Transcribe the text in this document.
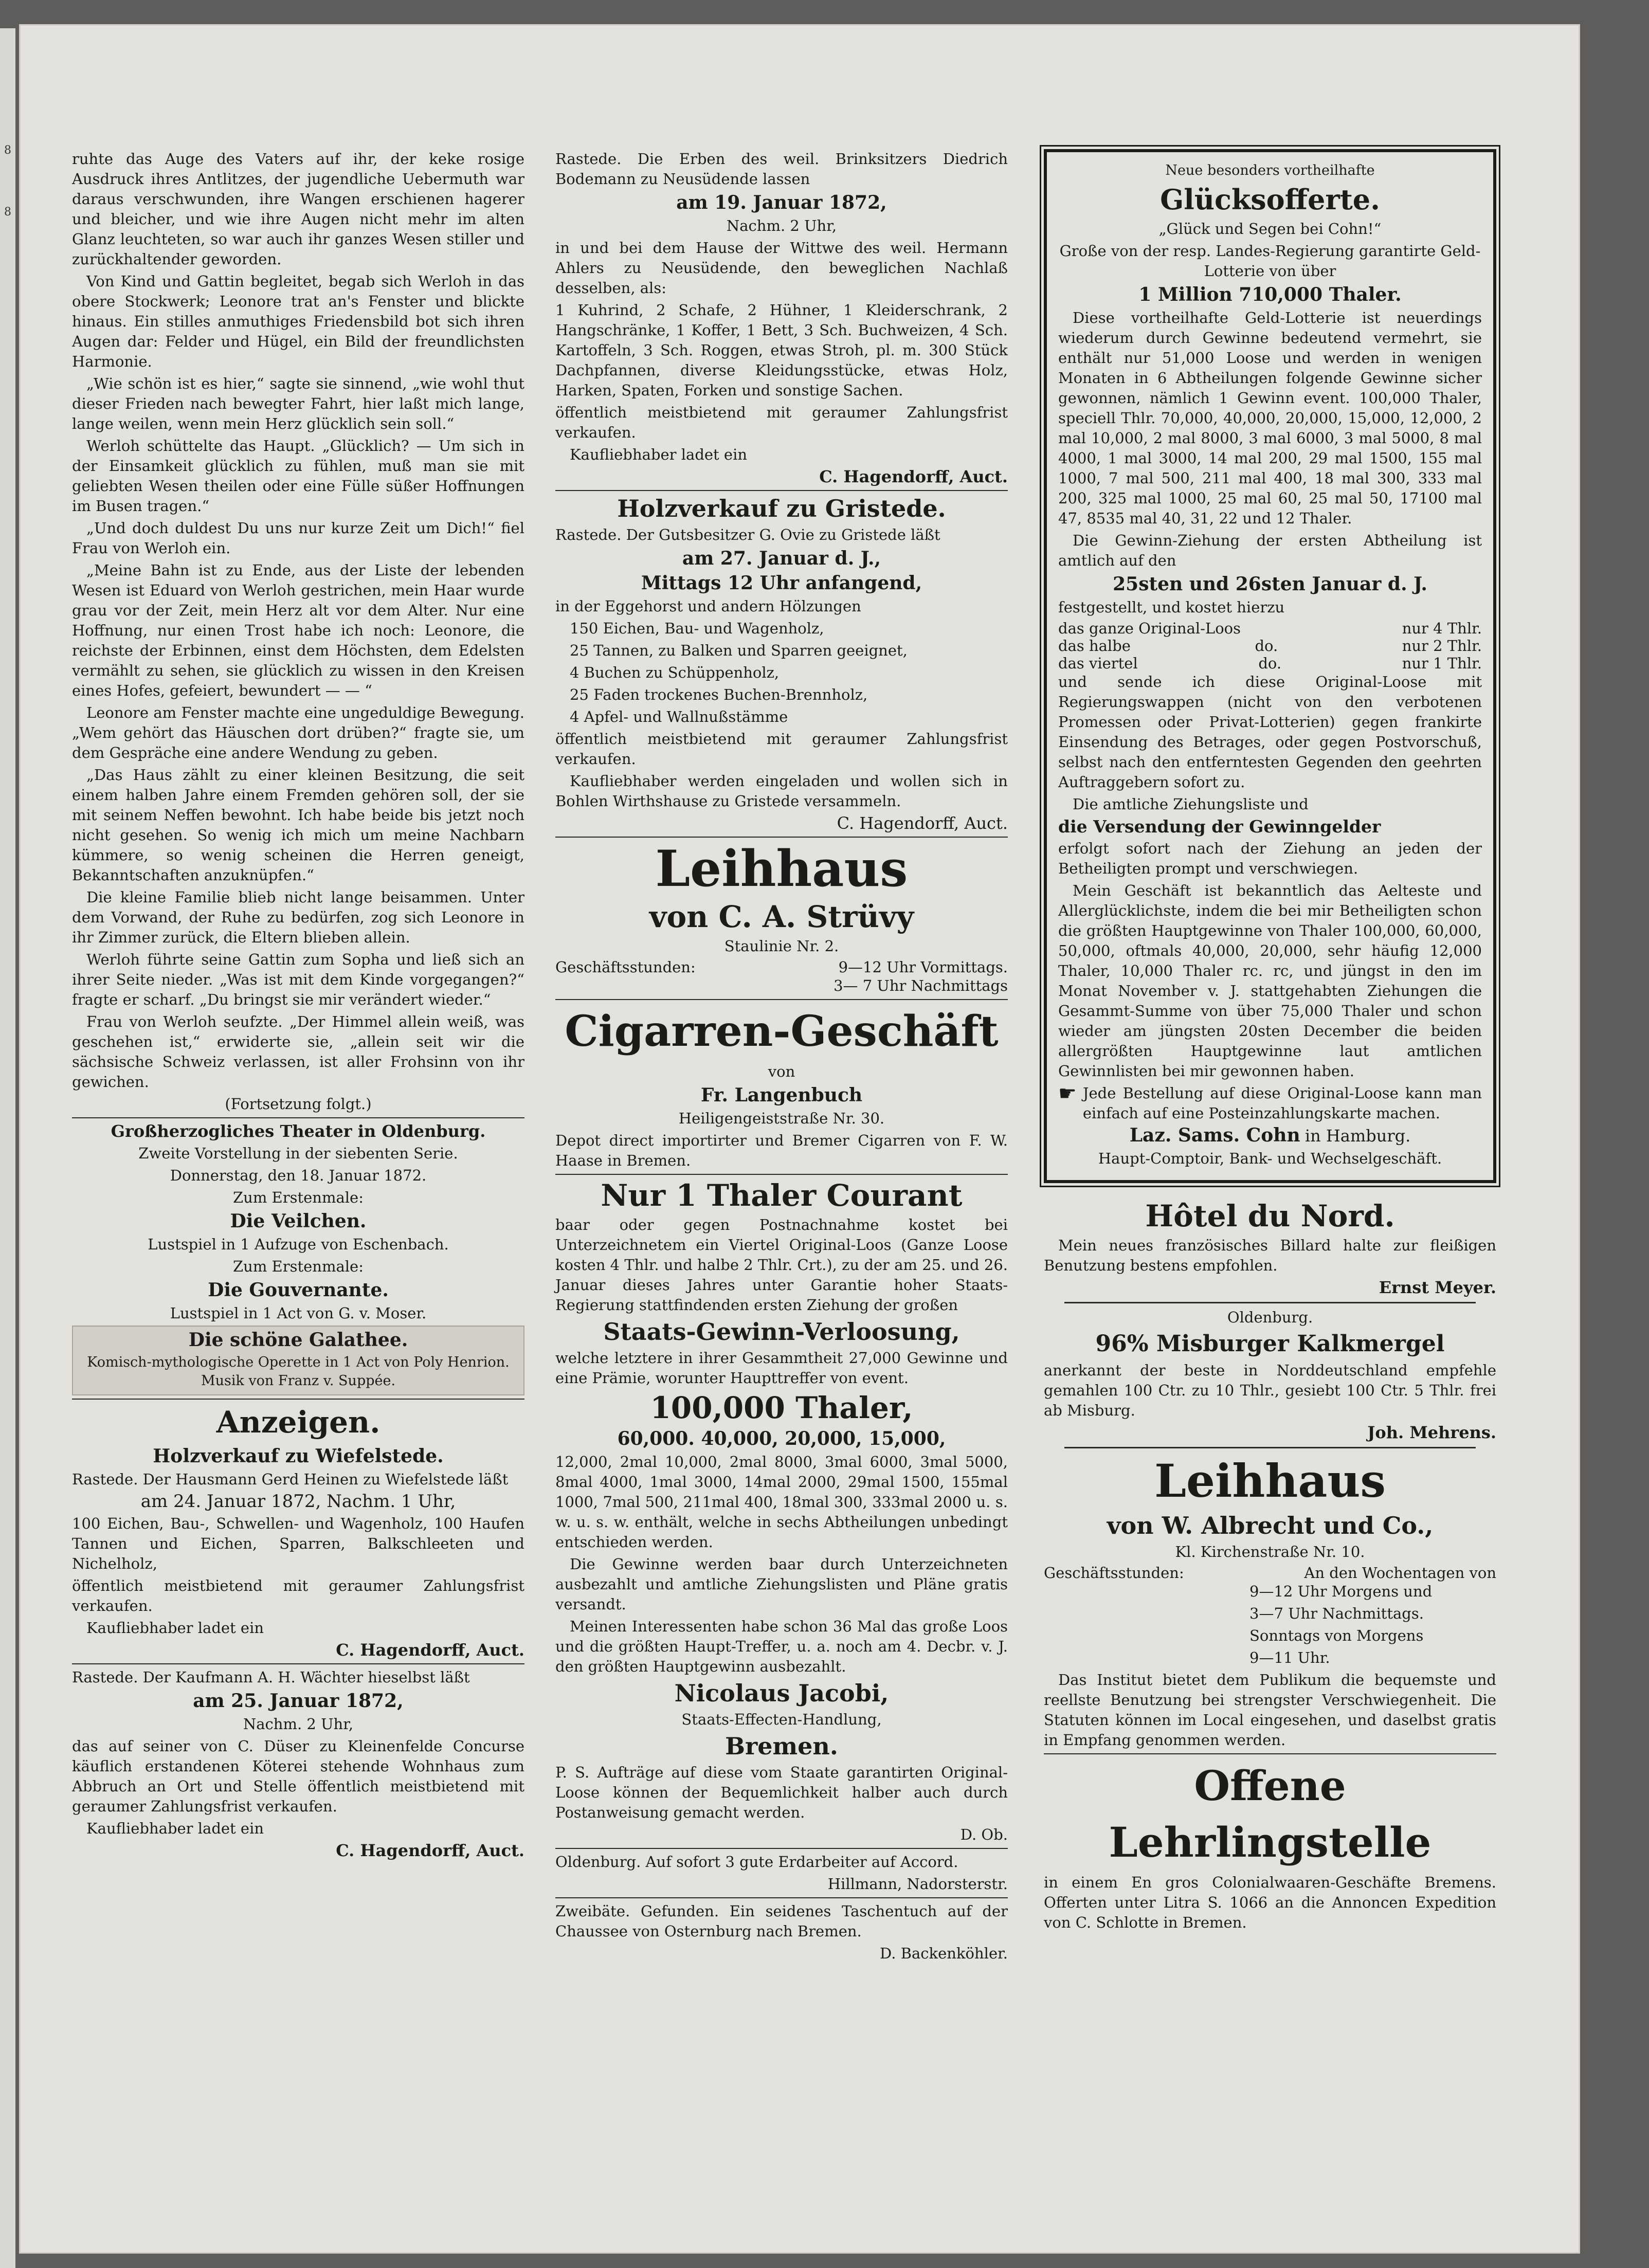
8
8

ruhte das Auge des Vaters auf ihr, der keke rosige Ausdruck ihres Antlitzes, der jugendliche Uebermuth war daraus verschwunden, ihre Wangen erschienen hagerer und bleicher, und wie ihre Augen nicht mehr im alten Glanz leuchteten, so war auch ihr ganzes Wesen stiller und zurückhaltender geworden.

Von Kind und Gattin begleitet, begab sich Werloh in das obere Stockwerk; Leonore trat an's Fenster und blickte hinaus. Ein stilles anmuthiges Friedensbild bot sich ihren Augen dar: Felder und Hügel, ein Bild der freundlichsten Harmonie.

„Wie schön ist es hier,“ sagte sie sinnend, „wie wohl thut dieser Frieden nach bewegter Fahrt, hier laßt mich lange, lange weilen, wenn mein Herz glücklich sein soll.“

Werloh schüttelte das Haupt. „Glücklich? — Um sich in der Einsamkeit glücklich zu fühlen, muß man sie mit geliebten Wesen theilen oder eine Fülle süßer Hoffnungen im Busen tragen.“

„Und doch duldest Du uns nur kurze Zeit um Dich!“ fiel Frau von Werloh ein.

„Meine Bahn ist zu Ende, aus der Liste der lebenden Wesen ist Eduard von Werloh gestrichen, mein Haar wurde grau vor der Zeit, mein Herz alt vor dem Alter. Nur eine Hoffnung, nur einen Trost habe ich noch: Leonore, die reichste der Erbinnen, einst dem Höchsten, dem Edelsten vermählt zu sehen, sie glücklich zu wissen in den Kreisen eines Hofes, gefeiert, bewundert — — “

Leonore am Fenster machte eine ungeduldige Bewegung. „Wem gehört das Häuschen dort drüben?“ fragte sie, um dem Gespräche eine andere Wendung zu geben.

„Das Haus zählt zu einer kleinen Besitzung, die seit einem halben Jahre einem Fremden gehören soll, der sie mit seinem Neffen bewohnt. Ich habe beide bis jetzt noch nicht gesehen. So wenig ich mich um meine Nachbarn kümmere, so wenig scheinen die Herren geneigt, Bekanntschaften anzuknüpfen.“

Die kleine Familie blieb nicht lange beisammen. Unter dem Vorwand, der Ruhe zu bedürfen, zog sich Leonore in ihr Zimmer zurück, die Eltern blieben allein.

Werloh führte seine Gattin zum Sopha und ließ sich an ihrer Seite nieder. „Was ist mit dem Kinde vorgegangen?“ fragte er scharf. „Du bringst sie mir verändert wieder.“

Frau von Werloh seufzte. „Der Himmel allein weiß, was geschehen ist,“ erwiderte sie, „allein seit wir die sächsische Schweiz verlassen, ist aller Frohsinn von ihr gewichen.

(Fortsetzung folgt.)

Großherzogliches Theater in Oldenburg.

Zweite Vorstellung in der siebenten Serie.

Donnerstag, den 18. Januar 1872.

Zum Erstenmale:

Die Veilchen.

Lustspiel in 1 Aufzuge von Eschenbach.

Zum Erstenmale:

Die Gouvernante.

Lustspiel in 1 Act von G. v. Moser.

Die schöne Galathee.

Komisch-mythologische Operette in 1 Act von Poly Henrion. Musik von Franz v. Suppée.

Anzeigen.

Holzverkauf zu Wiefelstede.

Rastede. Der Hausmann Gerd Heinen zu Wiefelstede läßt

am 24. Januar 1872, Nachm. 1 Uhr,

100 Eichen, Bau-, Schwellen- und Wagenholz, 100 Haufen Tannen und Eichen, Sparren, Balkschleeten und Nichelholz,

öffentlich meistbietend mit geraumer Zahlungsfrist verkaufen.

Kaufliebhaber ladet ein

C. Hagendorff, Auct.

Rastede. Der Kaufmann A. H. Wächter hieselbst läßt

am 25. Januar 1872,

Nachm. 2 Uhr,

das auf seiner von C. Düser zu Kleinenfelde Concurse käuflich erstandenen Köterei stehende Wohnhaus zum Abbruch an Ort und Stelle öffentlich meistbietend mit geraumer Zahlungsfrist verkaufen.

Kaufliebhaber ladet ein

C. Hagendorff, Auct.

Rastede. Die Erben des weil. Brinksitzers Diedrich Bodemann zu Neusüdende lassen

am 19. Januar 1872,

Nachm. 2 Uhr,

in und bei dem Hause der Wittwe des weil. Hermann Ahlers zu Neusüdende, den beweglichen Nachlaß desselben, als:

1 Kuhrind, 2 Schafe, 2 Hühner, 1 Kleiderschrank, 2 Hangschränke, 1 Koffer, 1 Bett, 3 Sch. Buchweizen, 4 Sch. Kartoffeln, 3 Sch. Roggen, etwas Stroh, pl. m. 300 Stück Dachpfannen, diverse Kleidungsstücke, etwas Holz, Harken, Spaten, Forken und sonstige Sachen.

öffentlich meistbietend mit geraumer Zahlungsfrist verkaufen.

Kaufliebhaber ladet ein

C. Hagendorff, Auct.

Holzverkauf zu Gristede.

Rastede. Der Gutsbesitzer G. Ovie zu Gristede läßt

am 27. Januar d. J.,

Mittags 12 Uhr anfangend,

in der Eggehorst und andern Hölzungen

150 Eichen, Bau- und Wagenholz,

25 Tannen, zu Balken und Sparren geeignet,

4 Buchen zu Schüppenholz,

25 Faden trockenes Buchen-Brennholz,

4 Apfel- und Wallnußstämme

öffentlich meistbietend mit geraumer Zahlungsfrist verkaufen.

Kaufliebhaber werden eingeladen und wollen sich in Bohlen Wirthshause zu Gristede versammeln.

C. Hagendorff, Auct.

Leihhaus

von C. A. Strüvy

Staulinie Nr. 2.

Geschäftsstunden:	9—12 Uhr Vormittags.

3— 7 Uhr Nachmittags

Cigarren-Geschäft

von

Fr. Langenbuch

Heiligengeiststraße Nr. 30.

Depot direct importirter und Bremer Cigarren von F. W. Haase in Bremen.

Nur 1 Thaler Courant

baar oder gegen Postnachnahme kostet bei Unterzeichnetem ein Viertel Original-Loos (Ganze Loose kosten 4 Thlr. und halbe 2 Thlr. Crt.), zu der am 25. und 26. Januar dieses Jahres unter Garantie hoher Staats-Regierung stattfindenden ersten Ziehung der großen

Staats-Gewinn-Verloosung,

welche letztere in ihrer Gesammtheit 27,000 Gewinne und eine Prämie, worunter Haupttreffer von event.

100,000 Thaler,

60,000. 40,000, 20,000, 15,000,

12,000, 2mal 10,000, 2mal 8000, 3mal 6000, 3mal 5000, 8mal 4000, 1mal 3000, 14mal 2000, 29mal 1500, 155mal 1000, 7mal 500, 211mal 400, 18mal 300, 333mal 2000 u. s. w. u. s. w. enthält, welche in sechs Abtheilungen unbedingt entschieden werden.

Die Gewinne werden baar durch Unterzeichneten ausbezahlt und amtliche Ziehungslisten und Pläne gratis versandt.

Meinen Interessenten habe schon 36 Mal das große Loos und die größten Haupt-Treffer, u. a. noch am 4. Decbr. v. J. den größten Hauptgewinn ausbezahlt.

Nicolaus Jacobi,

Staats-Effecten-Handlung,

Bremen.

P. S. Aufträge auf diese vom Staate garantirten Original-Loose können der Bequemlichkeit halber auch durch Postanweisung gemacht werden.

D. Ob.

Oldenburg. Auf sofort 3 gute Erdarbeiter auf Accord.

Hillmann, Nadorsterstr.

Zweibäte. Gefunden. Ein seidenes Taschentuch auf der Chaussee von Osternburg nach Bremen.

D. Backenköhler.

Neue besonders vortheilhafte

Glücksofferte.

„Glück und Segen bei Cohn!“

Große von der resp. Landes-Regierung garantirte Geld-Lotterie von über

1 Million 710,000 Thaler.

Diese vortheilhafte Geld-Lotterie ist neuerdings wiederum durch Gewinne bedeutend vermehrt, sie enthält nur 51,000 Loose und werden in wenigen Monaten in 6 Abtheilungen folgende Gewinne sicher gewonnen, nämlich 1 Gewinn event. 100,000 Thaler, speciell Thlr. 70,000, 40,000, 20,000, 15,000, 12,000, 2 mal 10,000, 2 mal 8000, 3 mal 6000, 3 mal 5000, 8 mal 4000, 1 mal 3000, 14 mal 200, 29 mal 1500, 155 mal 1000, 7 mal 500, 211 mal 400, 18 mal 300, 333 mal 200, 325 mal 1000, 25 mal 60, 25 mal 50, 17100 mal 47, 8535 mal 40, 31, 22 und 12 Thaler.

Die Gewinn-Ziehung der ersten Abtheilung ist amtlich auf den

25sten und 26sten Januar d. J.

festgestellt, und kostet hierzu

das ganze Original-Loos	nur 4 Thlr.
das halbe	do.	nur 2 Thlr.
das viertel	do.	nur 1 Thlr.

und sende ich diese Original-Loose mit Regierungswappen (nicht von den verbotenen Promessen oder Privat-Lotterien) gegen frankirte Einsendung des Betrages, oder gegen Postvorschuß, selbst nach den entferntesten Gegenden den geehrten Auftraggebern sofort zu.

Die amtliche Ziehungsliste und

die Versendung der Gewinngelder

erfolgt sofort nach der Ziehung an jeden der Betheiligten prompt und verschwiegen.

Mein Geschäft ist bekanntlich das Aelteste und Allerglücklichste, indem die bei mir Betheiligten schon die größten Hauptgewinne von Thaler 100,000, 60,000, 50,000, oftmals 40,000, 20,000, sehr häufig 12,000 Thaler, 10,000 Thaler rc. rc, und jüngst in den im Monat November v. J. stattgehabten Ziehungen die Gesammt-Summe von über 75,000 Thaler und schon wieder am jüngsten 20sten December die beiden allergrößten Hauptgewinne laut amtlichen Gewinnlisten bei mir gewonnen haben.

☛ Jede Bestellung auf diese Original-Loose kann man einfach auf eine Posteinzahlungskarte machen.

Laz. Sams. Cohn in Hamburg.

Haupt-Comptoir, Bank- und Wechselgeschäft.

Hôtel du Nord.

Mein neues französisches Billard halte zur fleißigen Benutzung bestens empfohlen.

Ernst Meyer.

Oldenburg.

96% Misburger Kalkmergel

anerkannt der beste in Norddeutschland empfehle gemahlen 100 Ctr. zu 10 Thlr., gesiebt 100 Ctr. 5 Thlr. frei ab Misburg.

Joh. Mehrens.

Leihhaus

von W. Albrecht und Co.,

Kl. Kirchenstraße Nr. 10.

Geschäftsstunden:	An den Wochentagen von

9—12 Uhr Morgens und

3—7 Uhr Nachmittags.

Sonntags von Morgens

9—11 Uhr.

Das Institut bietet dem Publikum die bequemste und reellste Benutzung bei strengster Verschwiegenheit. Die Statuten können im Local eingesehen, und daselbst gratis in Empfang genommen werden.

Offene Lehrlingstelle

in einem En gros Colonialwaaren-Geschäfte Bremens. Offerten unter Litra S. 1066 an die Annoncen Expedition von C. Schlotte in Bremen.
